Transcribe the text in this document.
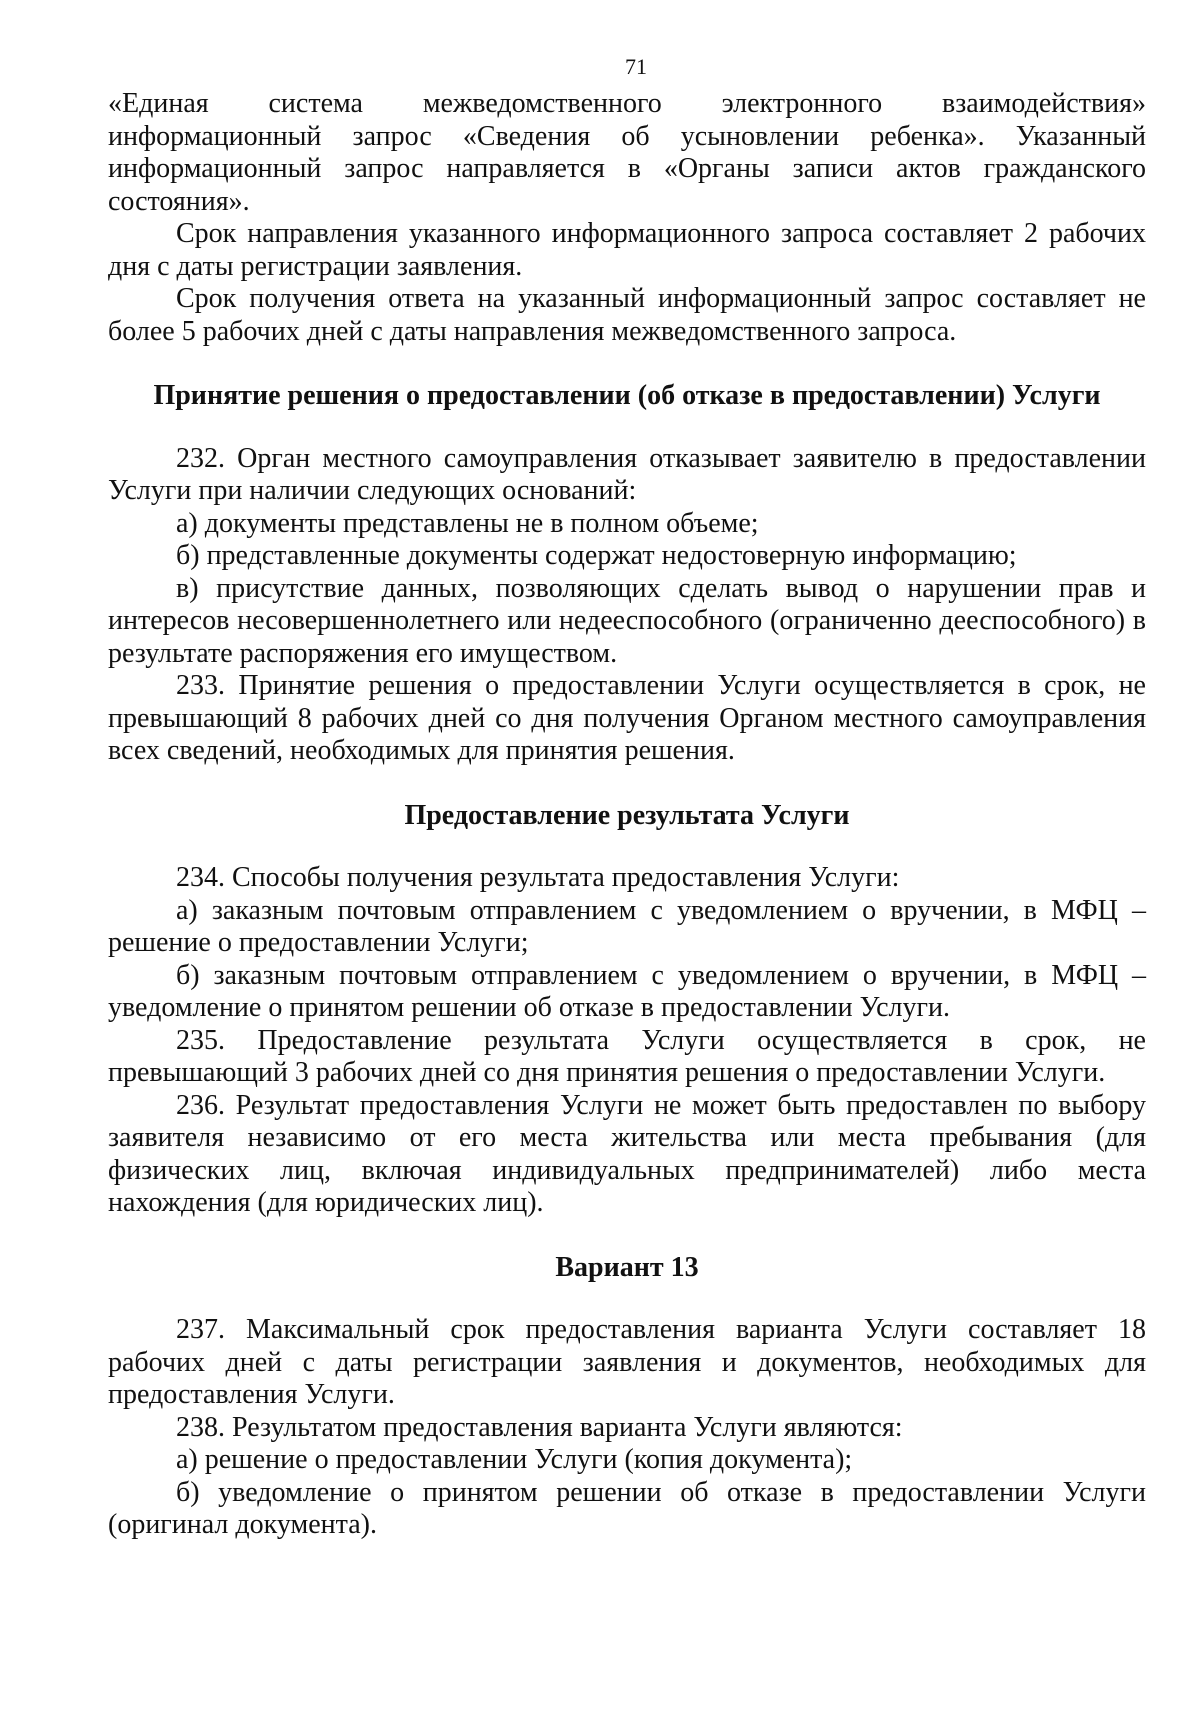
71

«Единая система межведомственного электронного взаимодействия» информационный запрос «Сведения об усыновлении ребенка». Указанный информационный запрос направляется в «Органы записи актов гражданского состояния».

Срок направления указанного информационного запроса составляет 2 рабочих дня с даты регистрации заявления.

Срок получения ответа на указанный информационный запрос составляет не более 5 рабочих дней с даты направления межведомственного запроса.

Принятие решения о предоставлении (об отказе в предоставлении) Услуги

232. Орган местного самоуправления отказывает заявителю в предоставлении Услуги при наличии следующих оснований:

а) документы представлены не в полном объеме;

б) представленные документы содержат недостоверную информацию;

в) присутствие данных, позволяющих сделать вывод о нарушении прав и интересов несовершеннолетнего или недееспособного (ограниченно дееспособного) в результате распоряжения его имуществом.

233. Принятие решения о предоставлении Услуги осуществляется в срок, не превышающий 8 рабочих дней со дня получения Органом местного самоуправления всех сведений, необходимых для принятия решения.

Предоставление результата Услуги

234. Способы получения результата предоставления Услуги:

а) заказным почтовым отправлением с уведомлением о вручении, в МФЦ – решение о предоставлении Услуги;

б) заказным почтовым отправлением с уведомлением о вручении, в МФЦ – уведомление о принятом решении об отказе в предоставлении Услуги.

235. Предоставление результата Услуги осуществляется в срок, не превышающий 3 рабочих дней со дня принятия решения о предоставлении Услуги.

236. Результат предоставления Услуги не может быть предоставлен по выбору заявителя независимо от его места жительства или места пребывания (для физических лиц, включая индивидуальных предпринимателей) либо места нахождения (для юридических лиц).

Вариант 13

237. Максимальный срок предоставления варианта Услуги составляет 18 рабочих дней с даты регистрации заявления и документов, необходимых для предоставления Услуги.

238. Результатом предоставления варианта Услуги являются:

а) решение о предоставлении Услуги (копия документа);

б) уведомление о принятом решении об отказе в предоставлении Услуги (оригинал документа).
